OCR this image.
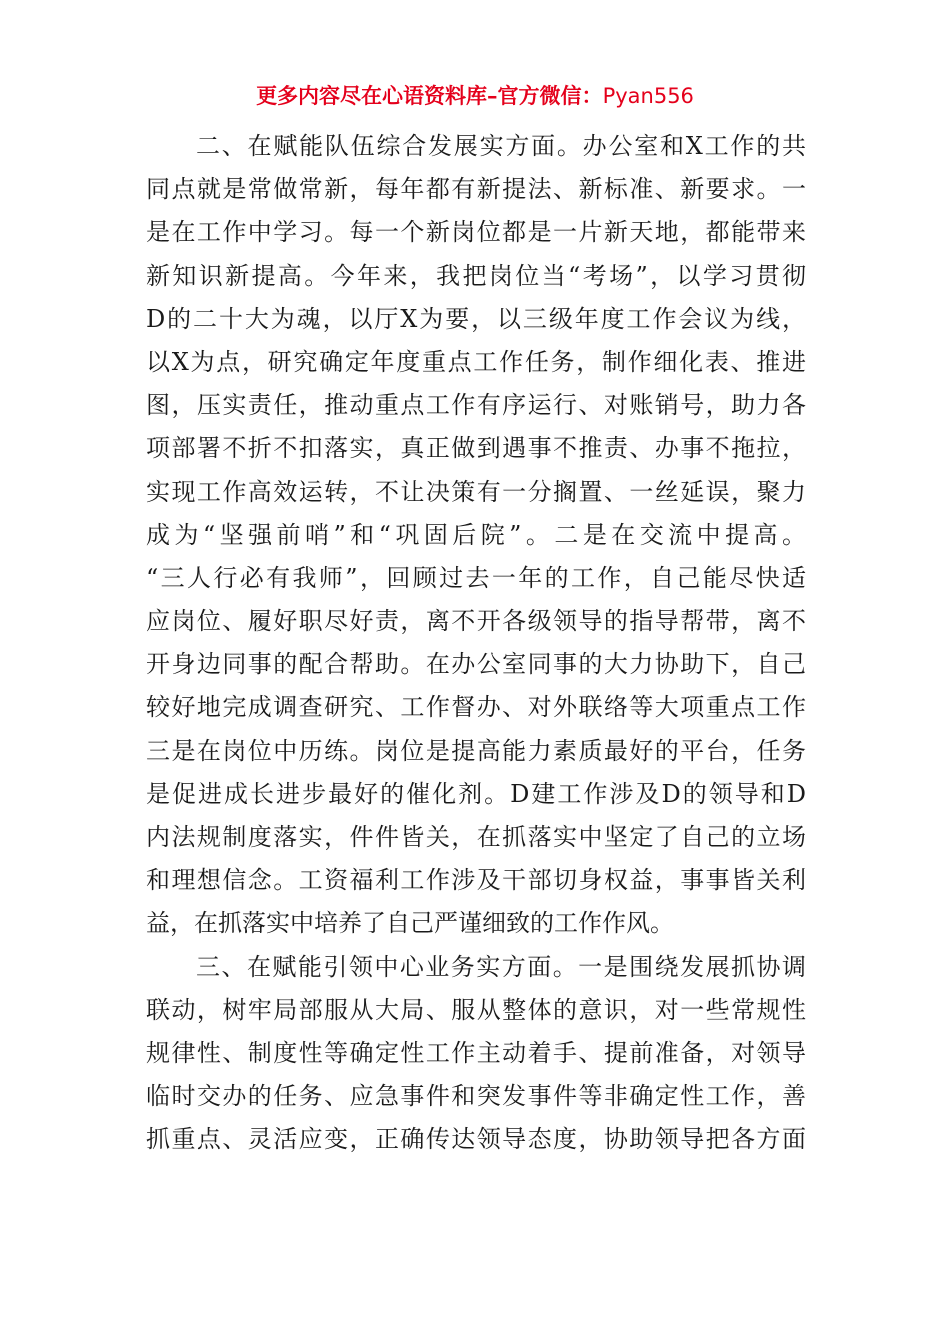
更多内容尽在心语资料库–官方微信：Pyan556
二、在赋能队伍综合发展实方面。办公室和X工作的共
同点就是常做常新，每年都有新提法、新标准、新要求。一
是在工作中学习。每一个新岗位都是一片新天地，都能带来
新知识新提高。今年来，我把岗位当“考场”，以学习贯彻
D的二十大为魂，以厅X为要，以三级年度工作会议为线，
以X为点，研究确定年度重点工作任务，制作细化表、推进
图，压实责任，推动重点工作有序运行、对账销号，助力各
项部署不折不扣落实，真正做到遇事不推责、办事不拖拉，
实现工作高效运转，不让决策有一分搁置、一丝延误，聚力
成为“坚强前哨”和“巩固后院”。二是在交流中提高。
“三人行必有我师”，回顾过去一年的工作，自己能尽快适
应岗位、履好职尽好责，离不开各级领导的指导帮带，离不
开身边同事的配合帮助。在办公室同事的大力协助下，自己
较好地完成调查研究、工作督办、对外联络等大项重点工作
三是在岗位中历练。岗位是提高能力素质最好的平台，任务
是促进成长进步最好的催化剂。D建工作涉及D的领导和D
内法规制度落实，件件皆关，在抓落实中坚定了自己的立场
和理想信念。工资福利工作涉及干部切身权益，事事皆关利
益，在抓落实中培养了自己严谨细致的工作作风。
三、在赋能引领中心业务实方面。一是围绕发展抓协调
联动，树牢局部服从大局、服从整体的意识，对一些常规性
规律性、制度性等确定性工作主动着手、提前准备，对领导
临时交办的任务、应急事件和突发事件等非确定性工作，善
抓重点、灵活应变，正确传达领导态度，协助领导把各方面
